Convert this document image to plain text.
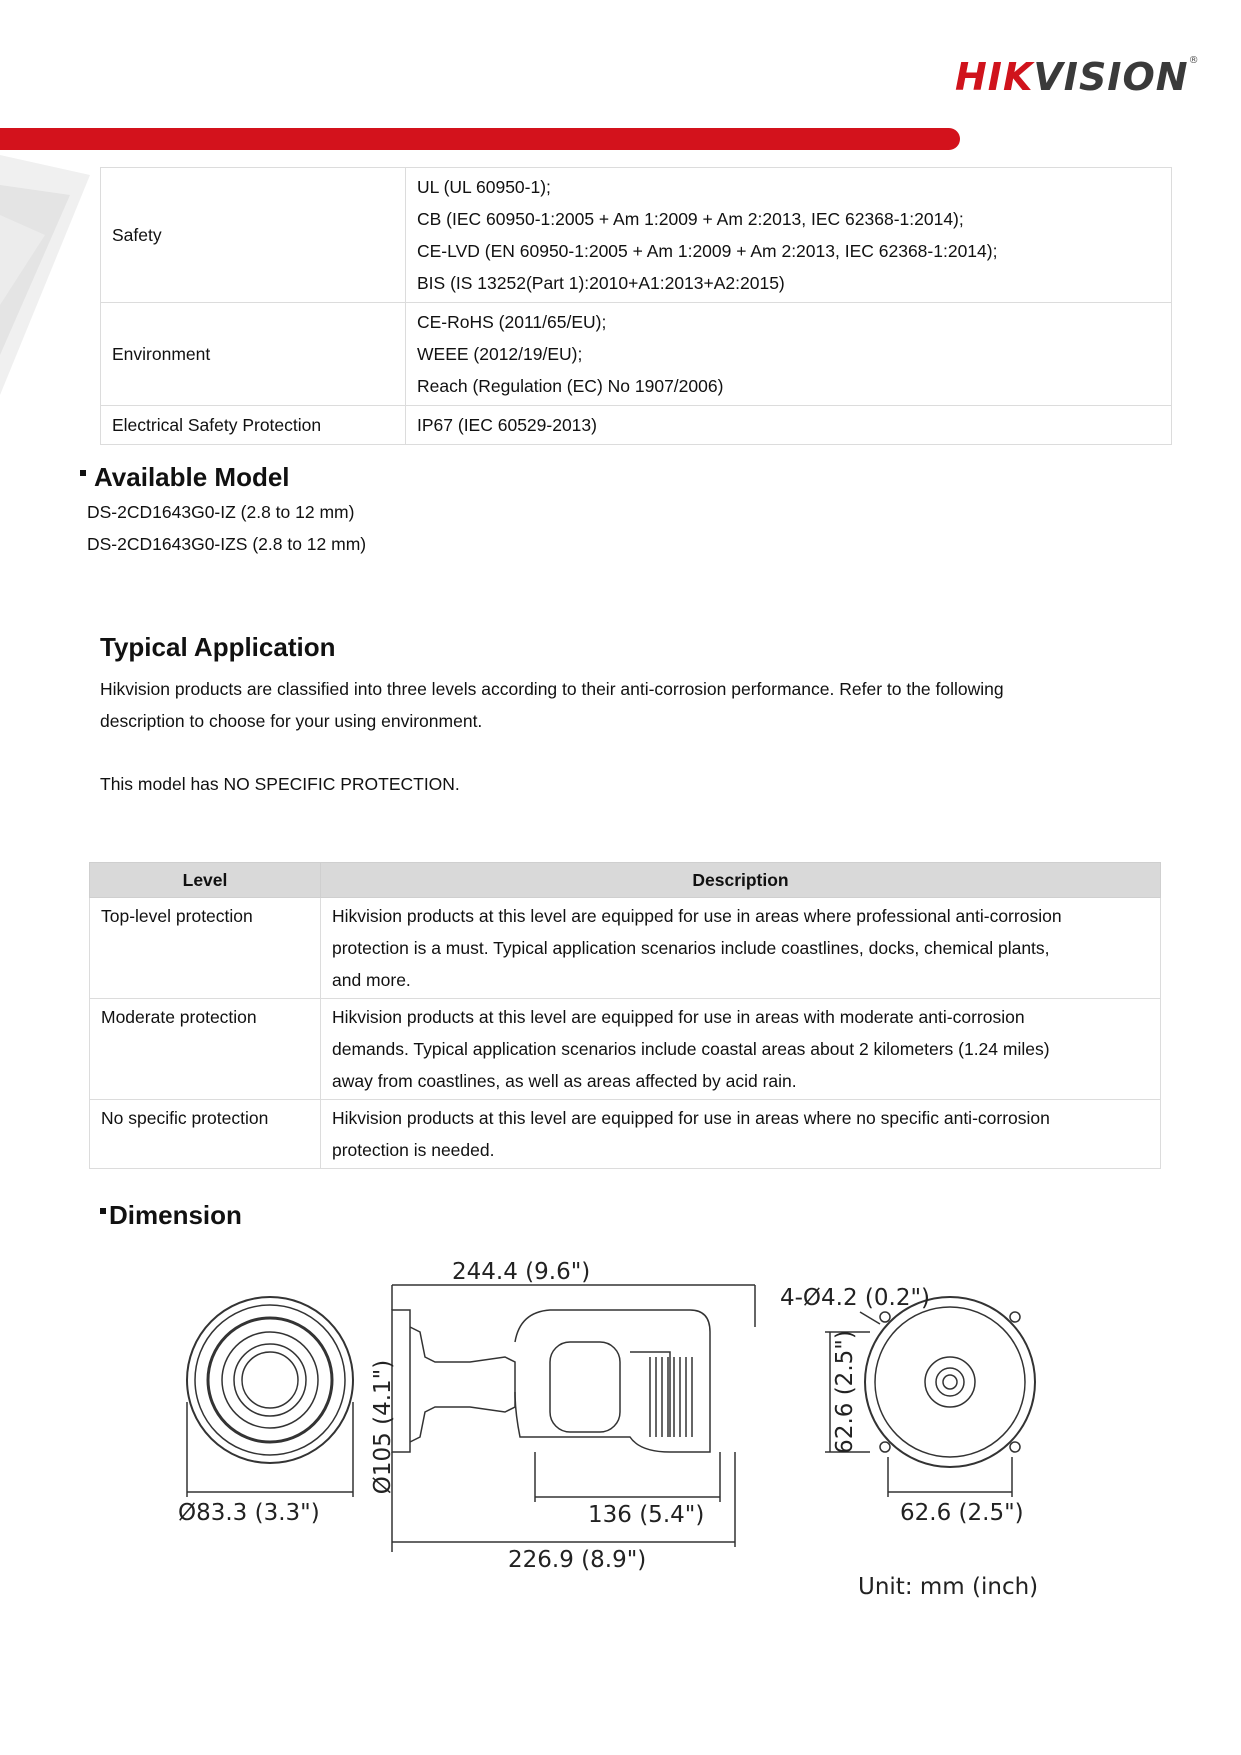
HIKVISION®
Safety	UL (UL 60950-1);
CB (IEC 60950-1:2005 + Am 1:2009 + Am 2:2013, IEC 62368-1:2014);
CE-LVD (EN 60950-1:2005 + Am 1:2009 + Am 2:2013, IEC 62368-1:2014);
BIS (IS 13252(Part 1):2010+A1:2013+A2:2015)

Environment	CE-RoHS (2011/65/EU);
WEEE (2012/19/EU);
Reach (Regulation (EC) No 1907/2006)

Electrical Safety Protection	IP67 (IEC 60529-2013)
Available Model
DS-2CD1643G0-IZ (2.8 to 12 mm)
DS-2CD1643G0-IZS (2.8 to 12 mm)
Typical Application
Hikvision products are classified into three levels according to their anti-corrosion performance. Refer to the following
description to choose for your using environment.
This model has NO SPECIFIC PROTECTION.
Level	Description
Top-level protection	Hikvision products at this level are equipped for use in areas where professional anti-corrosion
protection is a must. Typical application scenarios include coastlines, docks, chemical plants,
and more.

Moderate protection	Hikvision products at this level are equipped for use in areas with moderate anti-corrosion
demands. Typical application scenarios include coastal areas about 2 kilometers (1.24 miles)
away from coastlines, as well as areas affected by acid rain.

No specific protection	Hikvision products at this level are equipped for use in areas where no specific anti-corrosion
protection is needed.
Dimension
244.4 (9.6")
4-Ø4.2 (0.2")
Ø105 (4.1")
Ø83.3 (3.3")	136 (5.4")
226.9 (8.9")
62.6 (2.5")
62.6 (2.5")
Unit: mm (inch)
